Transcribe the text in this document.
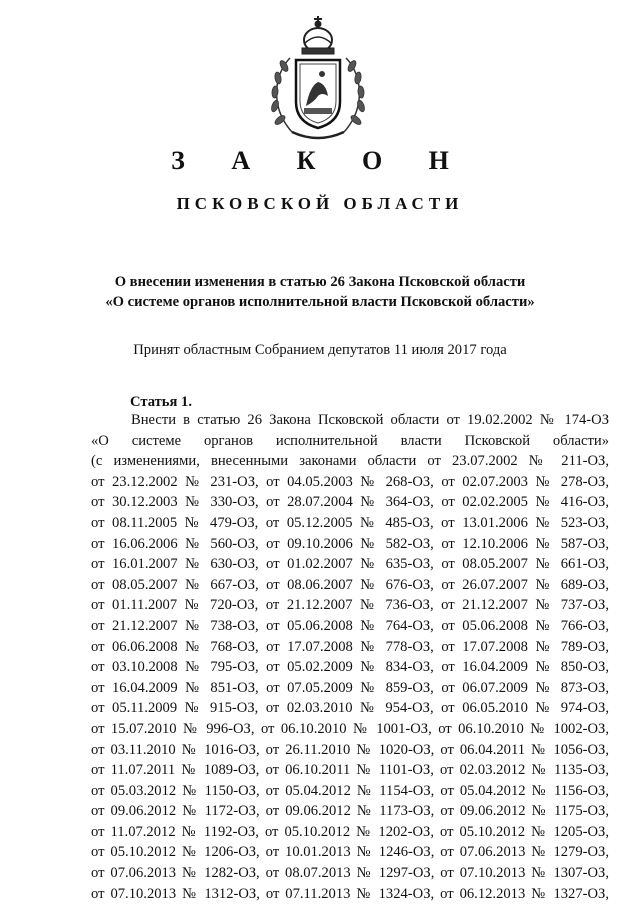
З А К О Н
ПСКОВСКОЙ ОБЛАСТИ
О внесении изменения в статью 26 Закона Псковской области
«О системе органов исполнительной власти Псковской области»
Принят областным Собранием депутатов 11 июля 2017 года
Статья 1.
Внести в статью 26 Закона Псковской области от 19.02.2002 № 174-ОЗ
«О системе органов исполнительной власти Псковской области»
(с изменениями, внесенными законами области от 23.07.2002 № 211-ОЗ,
от 23.12.2002 № 231-ОЗ, от 04.05.2003 № 268-ОЗ, от 02.07.2003 № 278-ОЗ,
от 30.12.2003 № 330-ОЗ, от 28.07.2004 № 364-ОЗ, от 02.02.2005 № 416-ОЗ,
от 08.11.2005 № 479-ОЗ, от 05.12.2005 № 485-ОЗ, от 13.01.2006 № 523-ОЗ,
от 16.06.2006 № 560-ОЗ, от 09.10.2006 № 582-ОЗ, от 12.10.2006 № 587-ОЗ,
от 16.01.2007 № 630-ОЗ, от 01.02.2007 № 635-ОЗ, от 08.05.2007 № 661-ОЗ,
от 08.05.2007 № 667-ОЗ, от 08.06.2007 № 676-ОЗ, от 26.07.2007 № 689-ОЗ,
от 01.11.2007 № 720-ОЗ, от 21.12.2007 № 736-ОЗ, от 21.12.2007 № 737-ОЗ,
от 21.12.2007 № 738-ОЗ, от 05.06.2008 № 764-ОЗ, от 05.06.2008 № 766-ОЗ,
от 06.06.2008 № 768-ОЗ, от 17.07.2008 № 778-ОЗ, от 17.07.2008 № 789-ОЗ,
от 03.10.2008 № 795-ОЗ, от 05.02.2009 № 834-ОЗ, от 16.04.2009 № 850-ОЗ,
от 16.04.2009 № 851-ОЗ, от 07.05.2009 № 859-ОЗ, от 06.07.2009 № 873-ОЗ,
от 05.11.2009 № 915-ОЗ, от 02.03.2010 № 954-ОЗ, от 06.05.2010 № 974-ОЗ,
от 15.07.2010 № 996-ОЗ, от 06.10.2010 № 1001-ОЗ, от 06.10.2010 № 1002-ОЗ,
от 03.11.2010 № 1016-ОЗ, от 26.11.2010 № 1020-ОЗ, от 06.04.2011 № 1056-ОЗ,
от 11.07.2011 № 1089-ОЗ, от 06.10.2011 № 1101-ОЗ, от 02.03.2012 № 1135-ОЗ,
от 05.03.2012 № 1150-ОЗ, от 05.04.2012 № 1154-ОЗ, от 05.04.2012 № 1156-ОЗ,
от 09.06.2012 № 1172-ОЗ, от 09.06.2012 № 1173-ОЗ, от 09.06.2012 № 1175-ОЗ,
от 11.07.2012 № 1192-ОЗ, от 05.10.2012 № 1202-ОЗ, от 05.10.2012 № 1205-ОЗ,
от 05.10.2012 № 1206-ОЗ, от 10.01.2013 № 1246-ОЗ, от 07.06.2013 № 1279-ОЗ,
от 07.06.2013 № 1282-ОЗ, от 08.07.2013 № 1297-ОЗ, от 07.10.2013 № 1307-ОЗ,
от 07.10.2013 № 1312-ОЗ, от 07.11.2013 № 1324-ОЗ, от 06.12.2013 № 1327-ОЗ,
